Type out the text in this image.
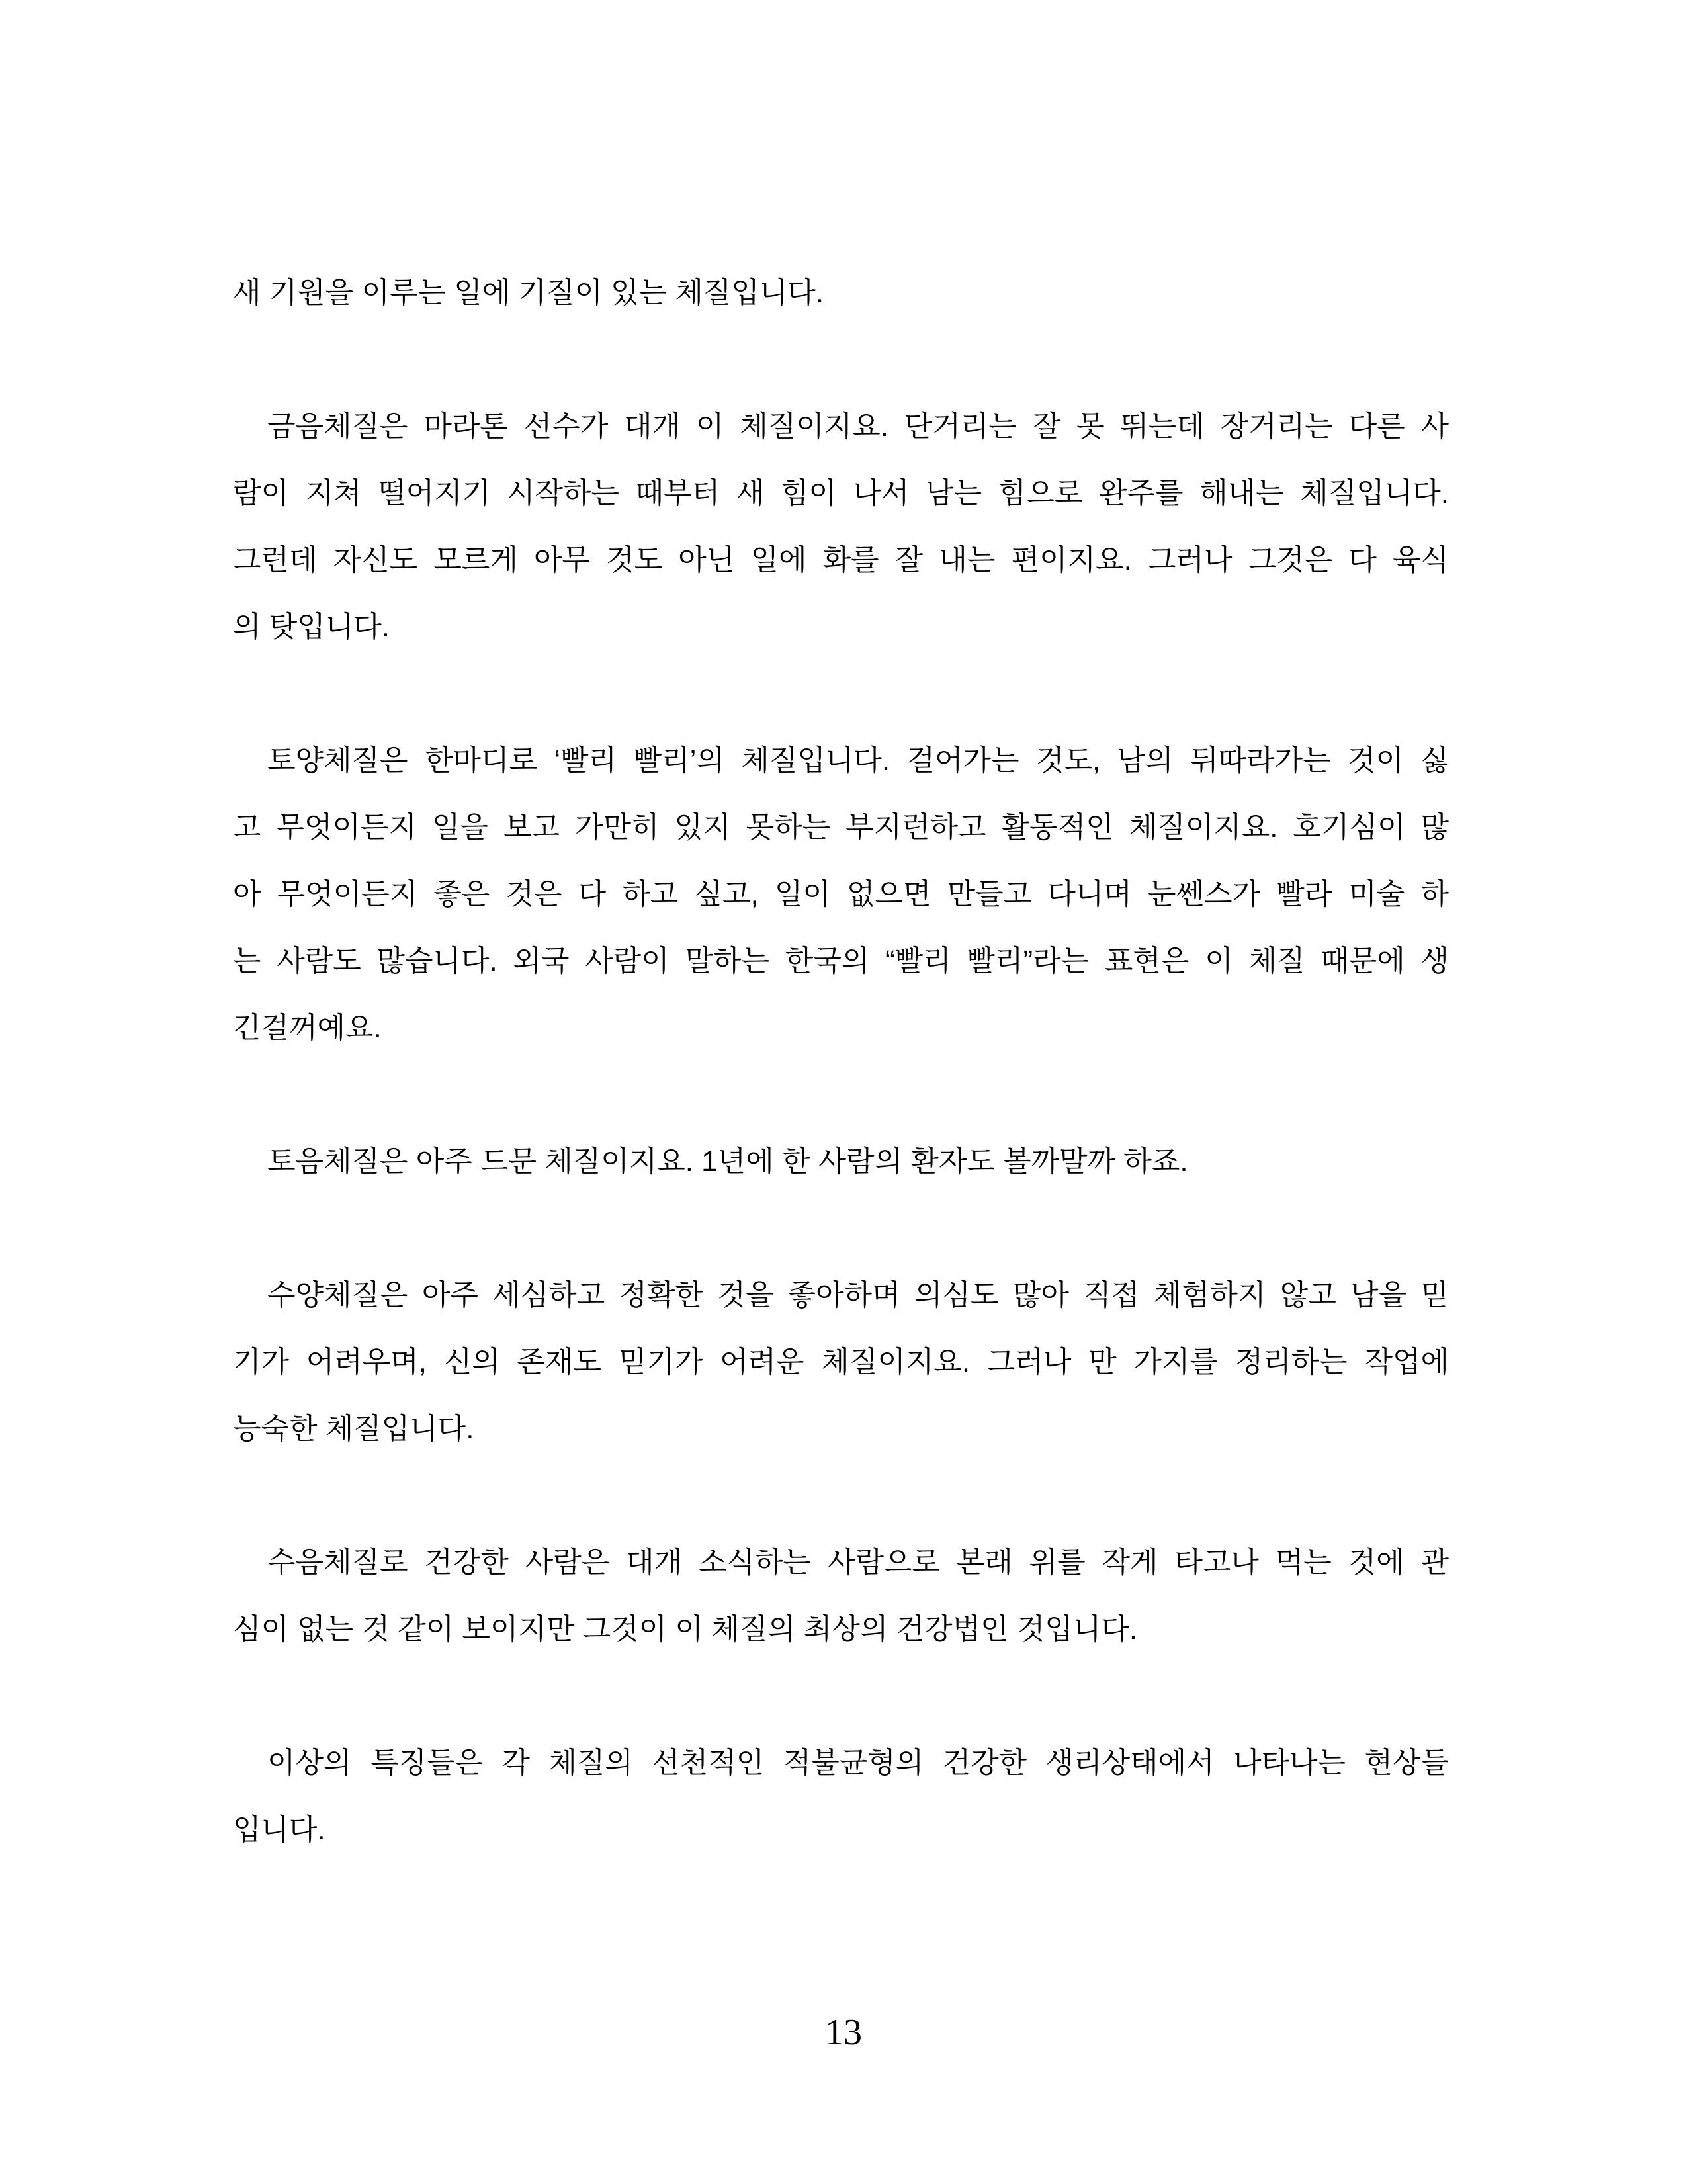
새 기원을 이루는 일에 기질이 있는 체질입니다.
금음체질은 마라톤 선수가 대개 이 체질이지요. 단거리는 잘 못 뛰는데 장거리는 다른 사
람이 지쳐 떨어지기 시작하는 때부터 새 힘이 나서 남는 힘으로 완주를 해내는 체질입니다.
그런데 자신도 모르게 아무 것도 아닌 일에 화를 잘 내는 편이지요. 그러나 그것은 다 육식
의 탓입니다.
토양체질은 한마디로 ‘빨리 빨리’의 체질입니다. 걸어가는 것도, 남의 뒤따라가는 것이 싫
고 무엇이든지 일을 보고 가만히 있지 못하는 부지런하고 활동적인 체질이지요. 호기심이 많
아 무엇이든지 좋은 것은 다 하고 싶고, 일이 없으면 만들고 다니며 눈쎈스가 빨라 미술 하
는 사람도 많습니다. 외국 사람이 말하는 한국의 “빨리 빨리”라는 표현은 이 체질 때문에 생
긴걸꺼예요.
토음체질은 아주 드문 체질이지요. 1년에 한 사람의 환자도 볼까말까 하죠.
수양체질은 아주 세심하고 정확한 것을 좋아하며 의심도 많아 직접 체험하지 않고 남을 믿
기가 어려우며, 신의 존재도 믿기가 어려운 체질이지요. 그러나 만 가지를 정리하는 작업에
능숙한 체질입니다.
수음체질로 건강한 사람은 대개 소식하는 사람으로 본래 위를 작게 타고나 먹는 것에 관
심이 없는 것 같이 보이지만 그것이 이 체질의 최상의 건강법인 것입니다.
이상의 특징들은 각 체질의 선천적인 적불균형의 건강한 생리상태에서 나타나는 현상들
입니다.
13
